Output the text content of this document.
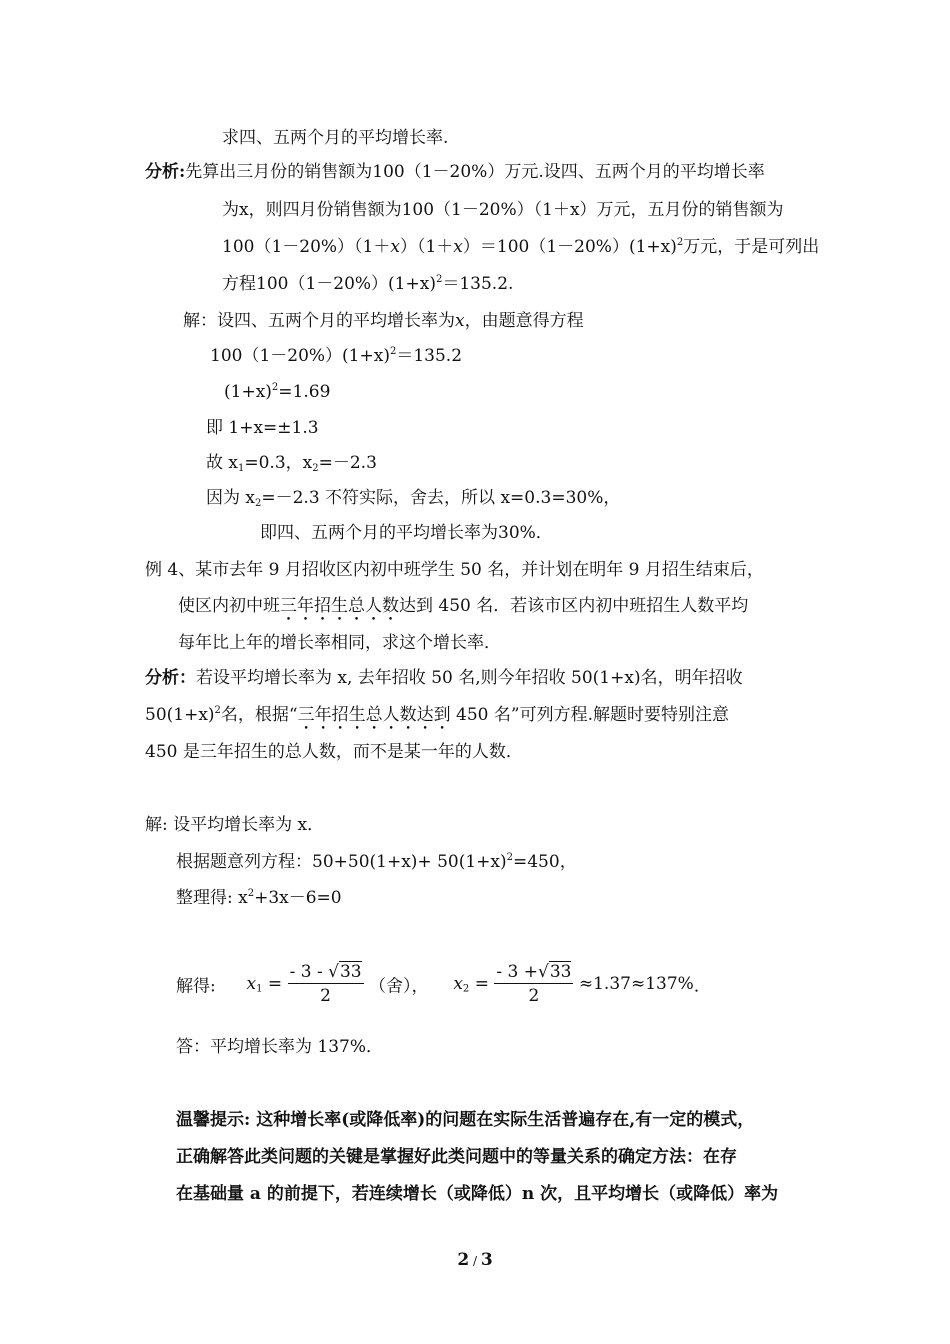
求四、五两个月的平均增长率.
分析:先算出三月份的销售额为100（1－20%）万元.设四、五两个月的平均增长率
为x，则四月份销售额为100（1－20%）（1＋x）万元，五月份的销售额为
$100(1-20\%)(1+x)(1+x)=100(1-20\%)(1+x)^2$万元，于是可列出
方程$100(1-20\%)(1+x)^2=135.2$.
解：设四、五两个月的平均增长率为x，由题意得方程
$100(1-20\%)(1+x)^2=135.2$
$(1+x)^2=1.69$
即 1+x=±1.3
故 $x_1=0.3$，$x_2=-2.3$
因为 $x_2=-2.3$ 不符实际，舍去，所以 x=0.3=30%，
即四、五两个月的平均增长率为30%．
例 4、某市去年 9 月招收区内初中班学生 50 名，并计划在明年 9 月招生结束后，
使区内初中班三年招生总人数达到 450 名．若该市区内初中班招生人数平均
每年比上年的增长率相同，求这个增长率．
分析：若设平均增长率为 x, 去年招收 50 名,则今年招收 50(1+x)名，明年招收
$50(1+x)^2$名，根据“三年招生总人数达到 450 名”可列方程.解题时要特别注意
450 是三年招生的总人数，而不是某一年的人数．
解: 设平均增长率为 x．
根据题意列方程：$50+50(1+x)+ 50(1+x)^2=450$，
整理得: $x^2+3x-6=0$
解得: $x_1 = \frac{- 3 - √33}{2}$ （舍）， $x_2 = \frac{- 3 +√33}{2} \approx 1.37\approx 137\%$．
答：平均增长率为 137%．
温馨提示: 这种增长率(或降低率)的问题在实际生活普遍存在,有一定的模式，
正确解答此类问题的关键是掌握好此类问题中的等量关系的确定方法：在存
在基础量 a 的前提下，若连续增长（或降低）n 次，且平均增长（或降低）率为
2 / 3
